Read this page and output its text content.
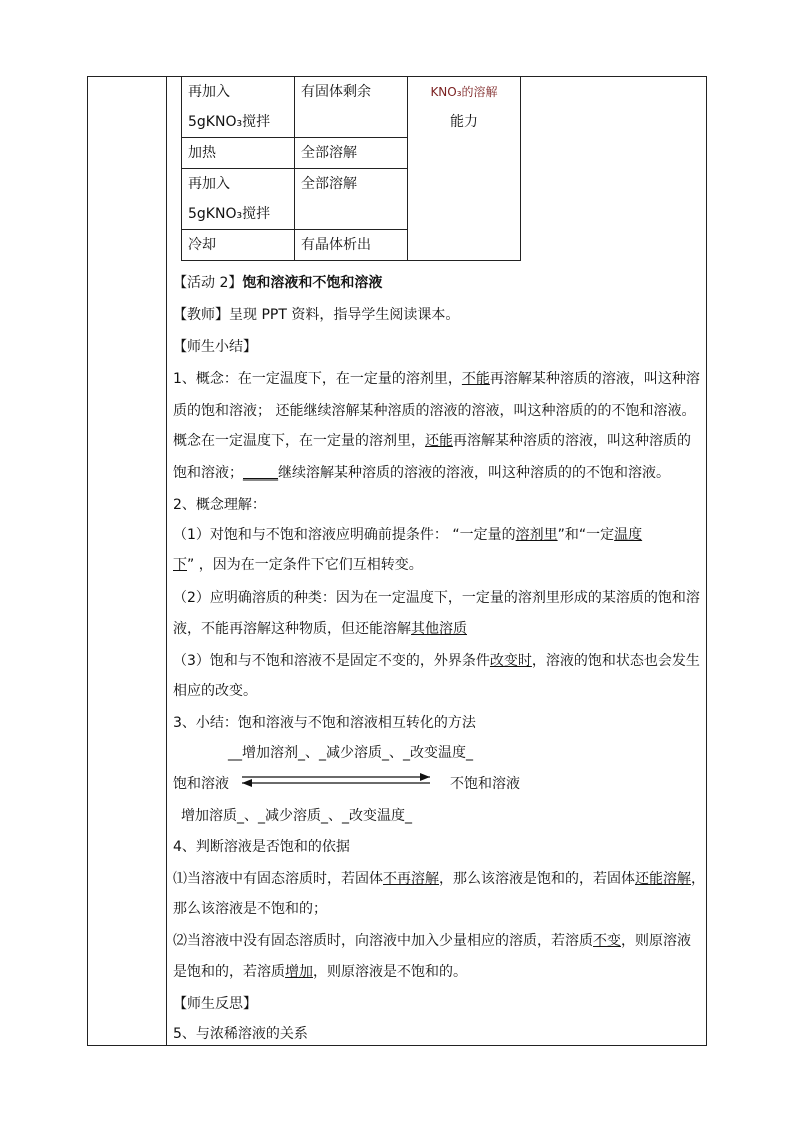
再加入 5gKNO₃搅拌	有固体剩余	KNO₃的溶解
能力
加热	全部溶解	
再加入 5gKNO₃搅拌	全部溶解	
冷却	有晶体析出	
【活动 2】饱和溶液和不饱和溶液
【教师】呈现 PPT 资料，指导学生阅读课本。
【师生小结】
1、概念：在一定温度下，在一定量的溶剂里，不能再溶解某种溶质的溶液，叫这种溶
质的饱和溶液； 还能继续溶解某种溶质的溶液的溶液，叫这种溶质的的不饱和溶液。
概念在一定温度下，在一定量的溶剂里，还能再溶解某种溶质的溶液，叫这种溶质的
饱和溶液；_____继续溶解某种溶质的溶液的溶液，叫这种溶质的的不饱和溶液。
2、概念理解：
（1）对饱和与不饱和溶液应明确前提条件： “一定量的溶剂里”和“一定温度
下” ，因为在一定条件下它们互相转变。
（2）应明确溶质的种类：因为在一定温度下，一定量的溶剂里形成的某溶质的饱和溶
液，不能再溶解这种物质，但还能溶解其他溶质
（3）饱和与不饱和溶液不是固定不变的，外界条件改变时，溶液的饱和状态也会发生
相应的改变。
3、小结：饱和溶液与不饱和溶液相互转化的方法
__增加溶剂_、_减少溶质_、_改变温度_
饱和溶液	不饱和溶液
增加溶质_、_减少溶质_、_改变温度_
4、判断溶液是否饱和的依据
⑴当溶液中有固态溶质时，若固体不再溶解，那么该溶液是饱和的，若固体还能溶解，
那么该溶液是不饱和的；
⑵当溶液中没有固态溶质时，向溶液中加入少量相应的溶质，若溶质不变，则原溶液
是饱和的，若溶质增加，则原溶液是不饱和的。
【师生反思】
5、与浓稀溶液的关系
